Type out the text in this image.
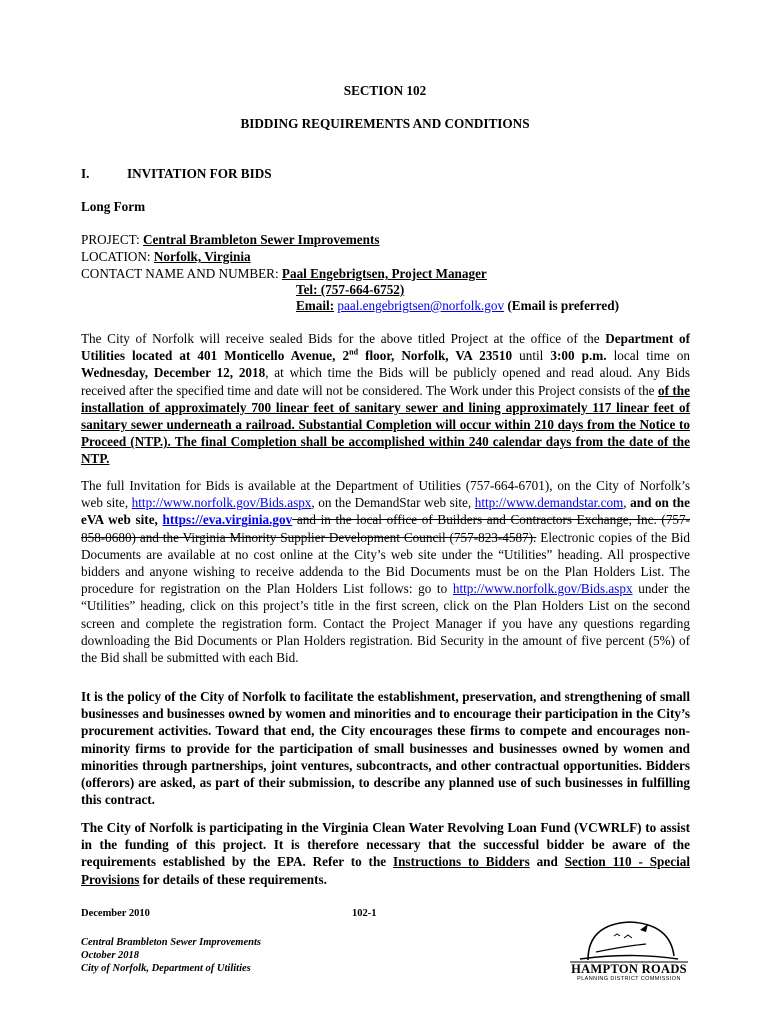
SECTION 102
BIDDING REQUIREMENTS AND CONDITIONS
I.	INVITATION FOR BIDS
Long Form
PROJECT: Central Brambleton Sewer Improvements
LOCATION: Norfolk, Virginia
CONTACT NAME AND NUMBER: Paal Engebrigtsen, Project Manager
Tel: (757-664-6752)
Email: paal.engebrigtsen@norfolk.gov (Email is preferred)
The City of Norfolk will receive sealed Bids for the above titled Project at the office of the Department of Utilities located at 401 Monticello Avenue, 2nd floor, Norfolk, VA 23510 until 3:00 p.m. local time on Wednesday, December 12, 2018, at which time the Bids will be publicly opened and read aloud. Any Bids received after the specified time and date will not be considered. The Work under this Project consists of the of the installation of approximately 700 linear feet of sanitary sewer and lining approximately 117 linear feet of sanitary sewer underneath a railroad. Substantial Completion will occur within 210 days from the Notice to Proceed (NTP.). The final Completion shall be accomplished within 240 calendar days from the date of the NTP.
The full Invitation for Bids is available at the Department of Utilities (757-664-6701), on the City of Norfolk’s web site, http://www.norfolk.gov/Bids.aspx, on the DemandStar web site, http://www.demandstar.com, and on the eVA web site, https://eva.virginia.gov and in the local office of Builders and Contractors Exchange, Inc. (757-858-0680) and the Virginia Minority Supplier Development Council (757-823-4587). Electronic copies of the Bid Documents are available at no cost online at the City’s web site under the “Utilities” heading. All prospective bidders and anyone wishing to receive addenda to the Bid Documents must be on the Plan Holders List. The procedure for registration on the Plan Holders List follows: go to http://www.norfolk.gov/Bids.aspx under the “Utilities” heading, click on this project’s title in the first screen, click on the Plan Holders List on the second screen and complete the registration form. Contact the Project Manager if you have any questions regarding downloading the Bid Documents or Plan Holders registration. Bid Security in the amount of five percent (5%) of the Bid shall be submitted with each Bid.
It is the policy of the City of Norfolk to facilitate the establishment, preservation, and strengthening of small businesses and businesses owned by women and minorities and to encourage their participation in the City’s procurement activities. Toward that end, the City encourages these firms to compete and encourages non-minority firms to provide for the participation of small businesses and businesses owned by women and minorities through partnerships, joint ventures, subcontracts, and other contractual opportunities. Bidders (offerors) are asked, as part of their submission, to describe any planned use of such businesses in fulfilling this contract.
The City of Norfolk is participating in the Virginia Clean Water Revolving Loan Fund (VCWRLF) to assist in the funding of this project. It is therefore necessary that the successful bidder be aware of the requirements established by the EPA. Refer to the Instructions to Bidders and Section 110 - Special Provisions for details of these requirements.
December 2010	102-1
Central Brambleton Sewer Improvements
October 2018
City of Norfolk, Department of Utilities	HAMPTON ROADS
PLANNING DISTRICT COMMISSION
